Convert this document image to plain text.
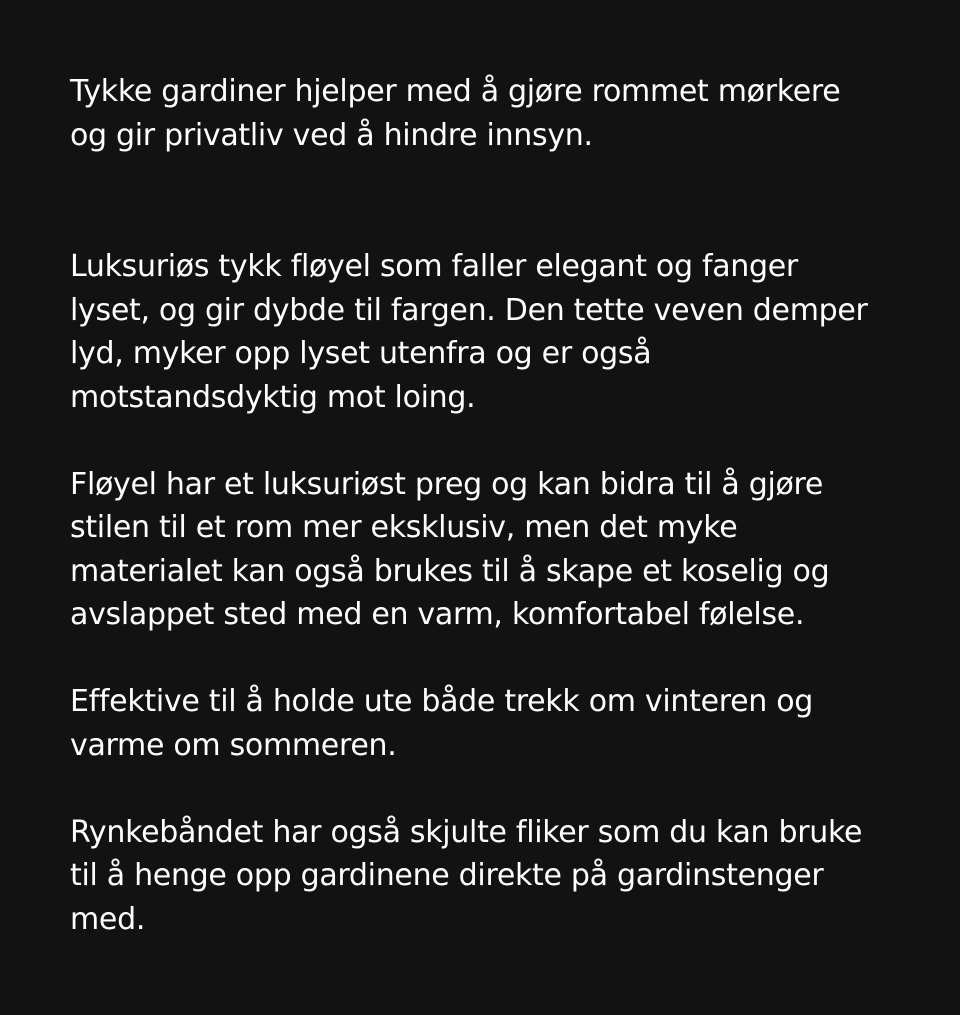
Tykke gardiner hjelper med å gjøre rommet mørkere
og gir privatliv ved å hindre innsyn.

Luksuriøs tykk fløyel som faller elegant og fanger
lyset, og gir dybde til fargen. Den tette veven demper
lyd, myker opp lyset utenfra og er også
motstandsdyktig mot loing.

Fløyel har et luksuriøst preg og kan bidra til å gjøre
stilen til et rom mer eksklusiv, men det myke
materialet kan også brukes til å skape et koselig og
avslappet sted med en varm, komfortabel følelse.

Effektive til å holde ute både trekk om vinteren og
varme om sommeren.

Rynkebåndet har også skjulte fliker som du kan bruke
til å henge opp gardinene direkte på gardinstenger
med.
